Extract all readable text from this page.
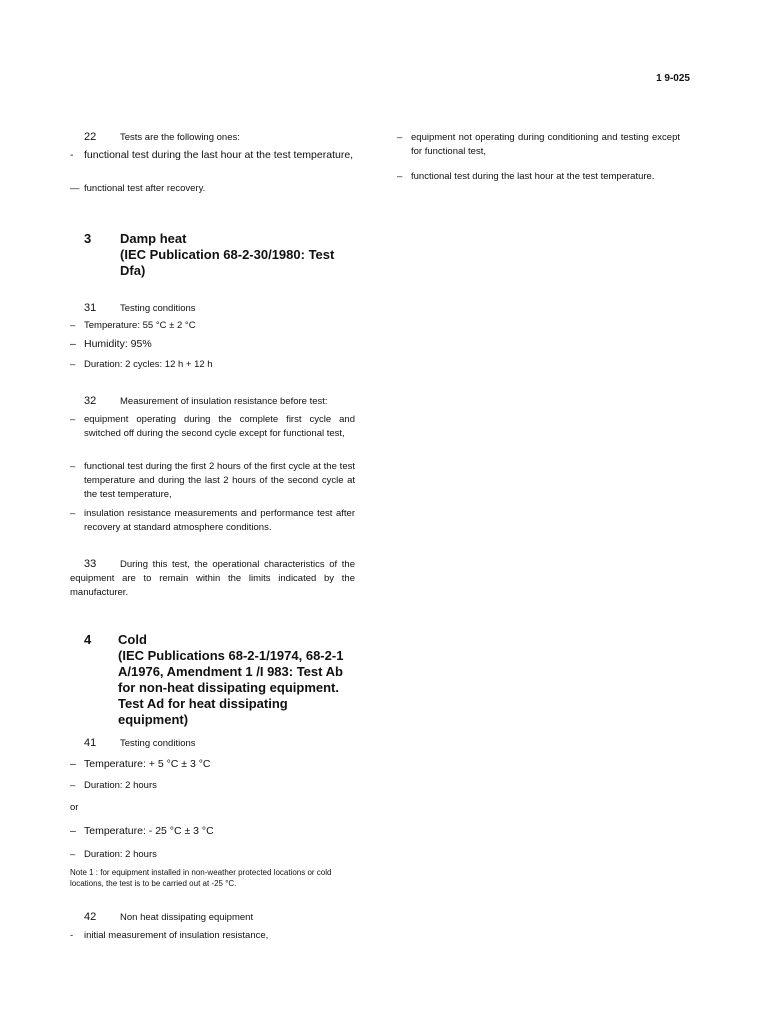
1 9-025
22	Tests are the following ones:
-	functional test during the last hour at the test temperature,
— functional test after recovery.
3 Damp heat
(IEC Publication 68-2-30/1980: Test
Dfa)
31	Testing conditions
– Temperature: 55 °C ± 2 °C
– Humidity: 95%
– Duration: 2 cycles: 12 h + 12 h
32	Measurement of insulation resistance before test:
– equipment operating during the complete first cycle and switched off during the second cycle except for functional test,
– functional test during the first 2 hours of the first cycle at the test temperature and during the last 2 hours of the second cycle at the test temperature,
– insulation resistance measurements and performance test after recovery at standard atmosphere conditions.
33	During this test, the operational characteristics of the equipment are to remain within the limits indicated by the manufacturer.
4 Cold
(IEC Publications 68-2-1/1974, 68-2-1
A/1976, Amendment 1 /I 983: Test Ab
for non-heat dissipating equipment.
Test Ad for heat dissipating equipment)
41	Testing conditions
– Temperature: + 5 °C ± 3 °C
– Duration: 2 hours
or
– Temperature: - 25 °C ± 3 °C
– Duration: 2 hours
Note 1 : for equipment installed in non-weather protected locations or cold locations, the test is to be carried out at -25 °C.
42	Non heat dissipating equipment
-	initial measurement of insulation resistance,
– equipment not operating during conditioning and testing except for functional test,
– functional test during the last hour at the test temperature.
